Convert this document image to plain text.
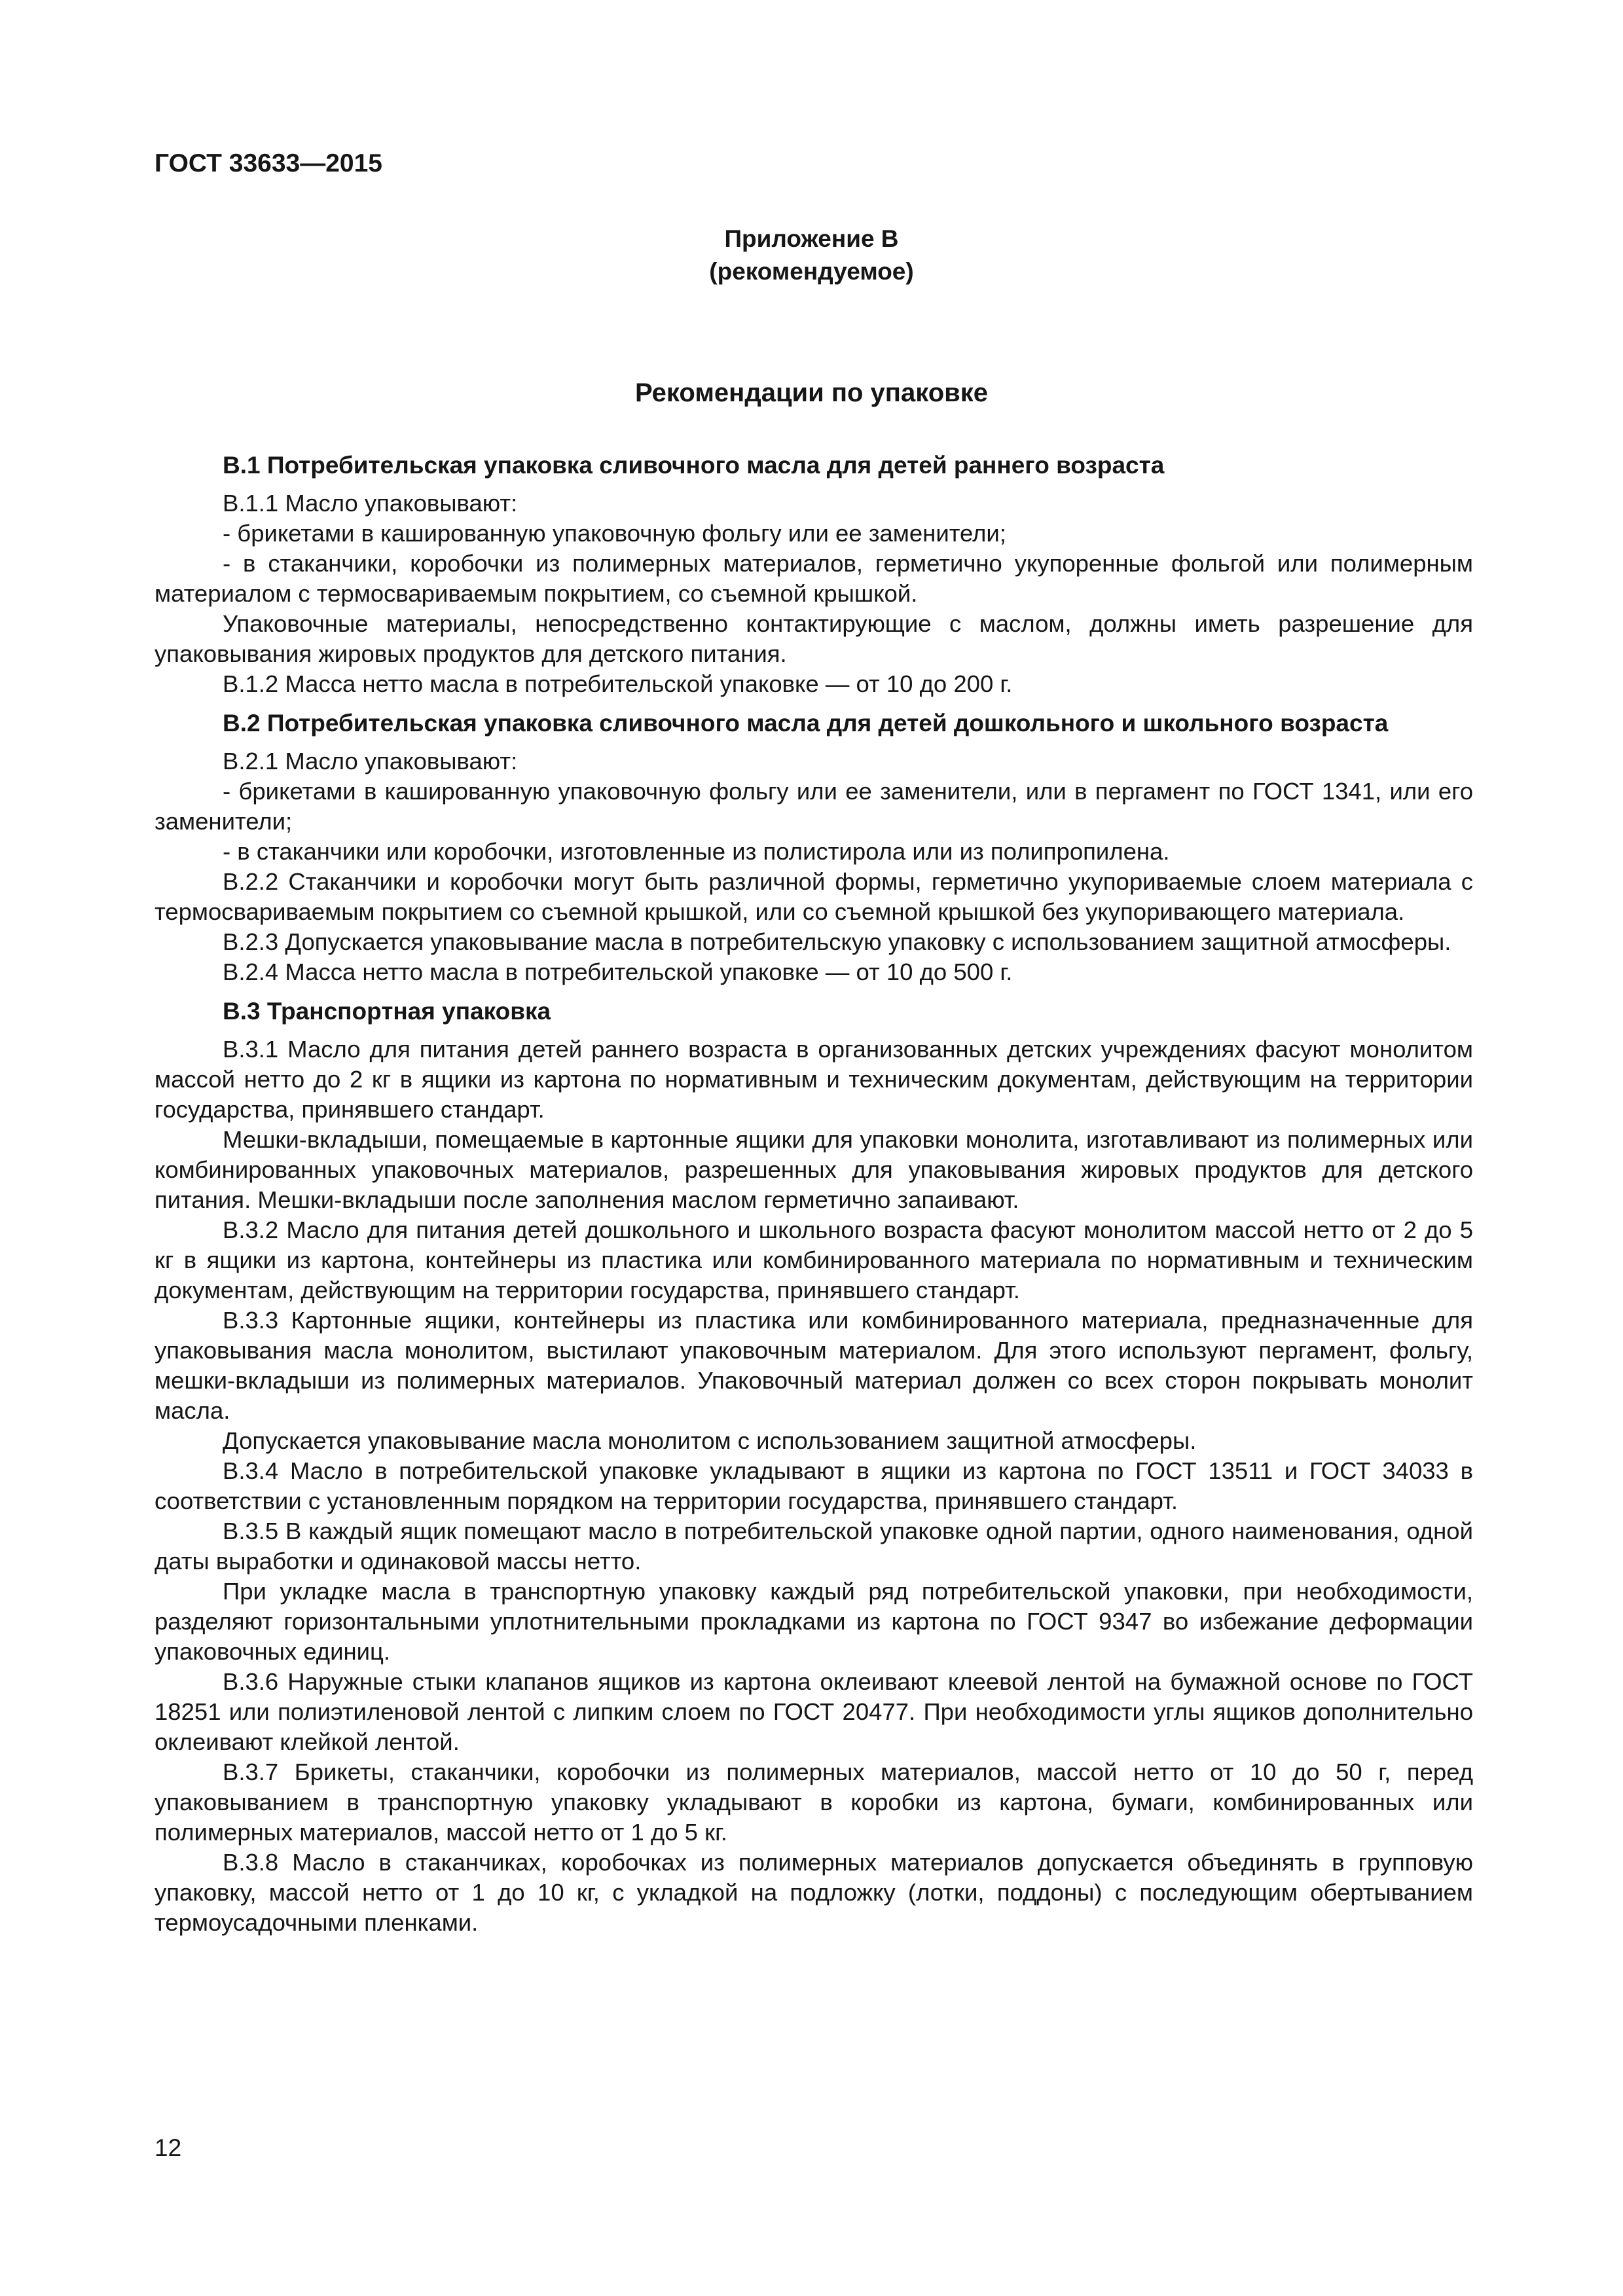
ГОСТ 33633—2015

Приложение В

(рекомендуемое)

Рекомендации по упаковке
В.1 Потребительская упаковка сливочного масла для детей раннего возраста

В.1.1 Масло упаковывают:

- брикетами в кашированную упаковочную фольгу или ее заменители;

- в стаканчики, коробочки из полимерных материалов, герметично укупоренные фольгой или полимерным материалом с термосвариваемым покрытием, со съемной крышкой.

Упаковочные материалы, непосредственно контактирующие с маслом, должны иметь разрешение для упаковывания жировых продуктов для детского питания.

В.1.2 Масса нетто масла в потребительской упаковке — от 10 до 200 г.

В.2 Потребительская упаковка сливочного масла для детей дошкольного и школьного возраста

В.2.1 Масло упаковывают:

- брикетами в кашированную упаковочную фольгу или ее заменители, или в пергамент по ГОСТ 1341, или его заменители;

- в стаканчики или коробочки, изготовленные из полистирола или из полипропилена.

В.2.2 Стаканчики и коробочки могут быть различной формы, герметично укупориваемые слоем материала с термосвариваемым покрытием со съемной крышкой, или со съемной крышкой без укупоривающего материала.

В.2.3 Допускается упаковывание масла в потребительскую упаковку с использованием защитной атмосферы.

В.2.4 Масса нетто масла в потребительской упаковке — от 10 до 500 г.

В.3 Транспортная упаковка

В.3.1 Масло для питания детей раннего возраста в организованных детских учреждениях фасуют монолитом массой нетто до 2 кг в ящики из картона по нормативным и техническим документам, действующим на территории государства, принявшего стандарт.

Мешки-вкладыши, помещаемые в картонные ящики для упаковки монолита, изготавливают из полимерных или комбинированных упаковочных материалов, разрешенных для упаковывания жировых продуктов для детского питания. Мешки-вкладыши после заполнения маслом герметично запаивают.

В.3.2 Масло для питания детей дошкольного и школьного возраста фасуют монолитом массой нетто от 2 до 5 кг в ящики из картона, контейнеры из пластика или комбинированного материала по нормативным и техническим документам, действующим на территории государства, принявшего стандарт.

В.3.3 Картонные ящики, контейнеры из пластика или комбинированного материала, предназначенные для упаковывания масла монолитом, выстилают упаковочным материалом. Для этого используют пергамент, фольгу, мешки-вкладыши из полимерных материалов. Упаковочный материал должен со всех сторон покрывать монолит масла.

Допускается упаковывание масла монолитом с использованием защитной атмосферы.

В.3.4 Масло в потребительской упаковке укладывают в ящики из картона по ГОСТ 13511 и ГОСТ 34033 в соответствии с установленным порядком на территории государства, принявшего стандарт.

В.3.5 В каждый ящик помещают масло в потребительской упаковке одной партии, одного наименования, одной даты выработки и одинаковой массы нетто.

При укладке масла в транспортную упаковку каждый ряд потребительской упаковки, при необходимости, разделяют горизонтальными уплотнительными прокладками из картона по ГОСТ 9347 во избежание деформации упаковочных единиц.

В.3.6 Наружные стыки клапанов ящиков из картона оклеивают клеевой лентой на бумажной основе по ГОСТ 18251 или полиэтиленовой лентой с липким слоем по ГОСТ 20477. При необходимости углы ящиков дополнительно оклеивают клейкой лентой.

В.3.7 Брикеты, стаканчики, коробочки из полимерных материалов, массой нетто от 10 до 50 г, перед упаковыванием в транспортную упаковку укладывают в коробки из картона, бумаги, комбинированных или полимерных материалов, массой нетто от 1 до 5 кг.

В.3.8 Масло в стаканчиках, коробочках из полимерных материалов допускается объединять в групповую упаковку, массой нетто от 1 до 10 кг, с укладкой на подложку (лотки, поддоны) с последующим обертыванием термоусадочными пленками.

12
